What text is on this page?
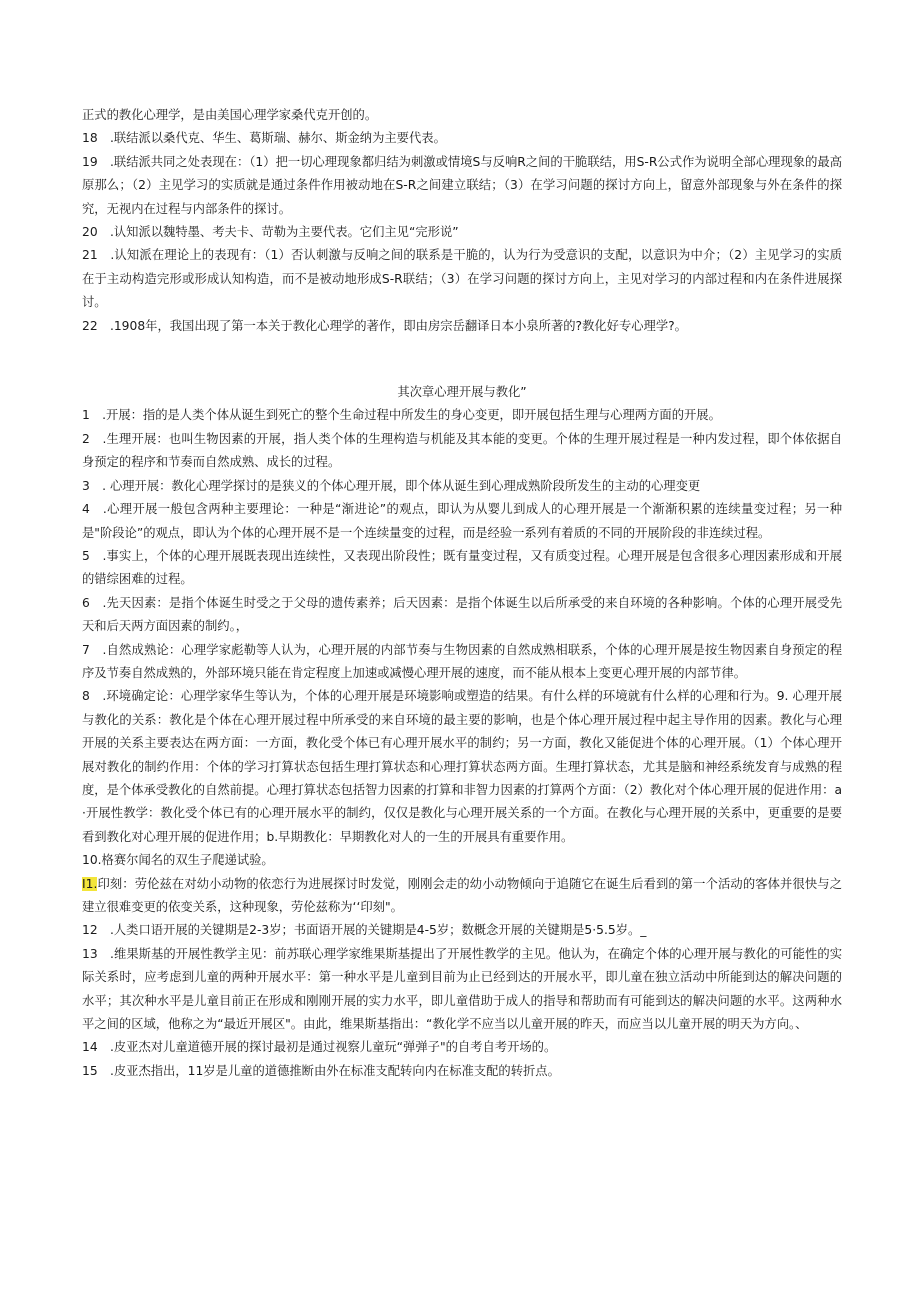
正式的教化心理学，是由美国心理学家桑代克开创的。

18　.联结派以桑代克、华生、葛斯瑞、赫尔、斯金纳为主要代表。

19　.联结派共同之处表现在：（1）把一切心理现象都归结为刺激或情境S与反响R之间的干脆联结，用S-R公式作为说明全部心理现象的最高原那么；（2）主见学习的实质就是通过条件作用被动地在S-R之间建立联结；（3）在学习问题的探讨方向上，留意外部现象与外在条件的探究，无视内在过程与内部条件的探讨。

20　.认知派以魏特墨、考夫卡、苛勒为主要代表。它们主见“完形说”

21　.认知派在理论上的表现有：（1）否认刺激与反响之间的联系是干脆的，认为行为受意识的支配，以意识为中介；（2）主见学习的实质在于主动构造完形或形成认知构造，而不是被动地形成S-R联结；（3）在学习问题的探讨方向上，主见对学习的内部过程和内在条件进展探讨。

22　.1908年，我国出现了第一本关于教化心理学的著作，即由房宗岳翻译日本小泉所著的?教化好专心理学?。

其次章心理开展与教化”

1　.开展：指的是人类个体从诞生到死亡的整个生命过程中所发生的身心变更，即开展包括生理与心理两方面的开展。

2　.生理开展：也叫生物因素的开展，指人类个体的生理构造与机能及其本能的变更。个体的生理开展过程是一种内发过程，即个体依据自身预定的程序和节奏而自然成熟、成长的过程。

3　. 心理开展：教化心理学探讨的是狭义的个体心理开展，即个体从诞生到心理成熟阶段所发生的主动的心理变更

4　.心理开展一般包含两种主要理论：一种是“渐进论”的观点，即认为从婴儿到成人的心理开展是一个渐渐积累的连续量变过程；另一种是"阶段论”的观点，即认为个体的心理开展不是一个连续量变的过程，而是经验一系列有着质的不同的开展阶段的非连续过程。

5　.事实上，个体的心理开展既表现出连续性，又表现出阶段性；既有量变过程，又有质变过程。心理开展是包含很多心理因素形成和开展的错综困难的过程。

6　.先天因素：是指个体诞生时受之于父母的遗传素养；后天因素：是指个体诞生以后所承受的来自环境的各种影响。个体的心理开展受先天和后天两方面因素的制约。，

7　.自然成熟论：心理学家彪勒等人认为，心理开展的内部节奏与生物因素的自然成熟相联系，个体的心理开展是按生物因素自身预定的程序及节奏自然成熟的，外部环境只能在肯定程度上加速或减慢心理开展的速度，而不能从根本上变更心理开展的内部节律。

8　.环境确定论：心理学家华生等认为，个体的心理开展是环境影响或塑造的结果。有什么样的环境就有什么样的心理和行为。9. 心理开展与教化的关系：教化是个体在心理开展过程中所承受的来自环境的最主要的影响，也是个体心理开展过程中起主导作用的因素。教化与心理开展的关系主要表达在两方面：一方面，教化受个体已有心理开展水平的制约；另一方面，教化又能促进个体的心理开展。（1）个体心理开展对教化的制约作用：个体的学习打算状态包括生理打算状态和心理打算状态两方面。生理打算状态，尤其是脑和神经系统发育与成熟的程度，是个体承受教化的自然前提。心理打算状态包括智力因素的打算和非智力因素的打算两个方面：（2）教化对个体心理开展的促进作用：a·开展性教学：教化受个体已有的心理开展水平的制约，仅仅是教化与心理开展关系的一个方面。在教化与心理开展的关系中，更重要的是要看到教化对心理开展的促进作用；b.早期教化：早期教化对人的一生的开展具有重要作用。

10.格赛尔闻名的双生子爬递试验。

I1.印刻：劳伦兹在对幼小动物的依恋行为进展探讨时发觉，刚刚会走的幼小动物倾向于追随它在诞生后看到的第一个活动的客体并很快与之建立很难变更的依变关系，这种现象，劳伦兹称为‘‘印刻"。

12　.人类口语开展的关键期是2-3岁；书面语开展的关键期是4-5岁；数概念开展的关键期是5·5.5岁。_

13　.维果斯基的开展性教学主见：前苏联心理学家维果斯基提出了开展性教学的主见。他认为，在确定个体的心理开展与教化的可能性的实际关系时，应考虑到儿童的两种开展水平：第一种水平是儿童到目前为止已经到达的开展水平，即儿童在独立活动中所能到达的解决问题的水平；其次种水平是儿童目前正在形成和刚刚开展的实力水平，即儿童借助于成人的指导和帮助而有可能到达的解决问题的水平。这两种水平之间的区域，他称之为“最近开展区"。由此，维果斯基指出：“教化学不应当以儿童开展的昨天，而应当以儿童开展的明天为方向。、

14　.皮亚杰对儿童道德开展的探讨最初是通过视察儿童玩“弹弹子"的自考自考开场的。

15　.皮亚杰指出，11岁是儿童的道德推断由外在标准支配转向内在标准支配的转折点。
